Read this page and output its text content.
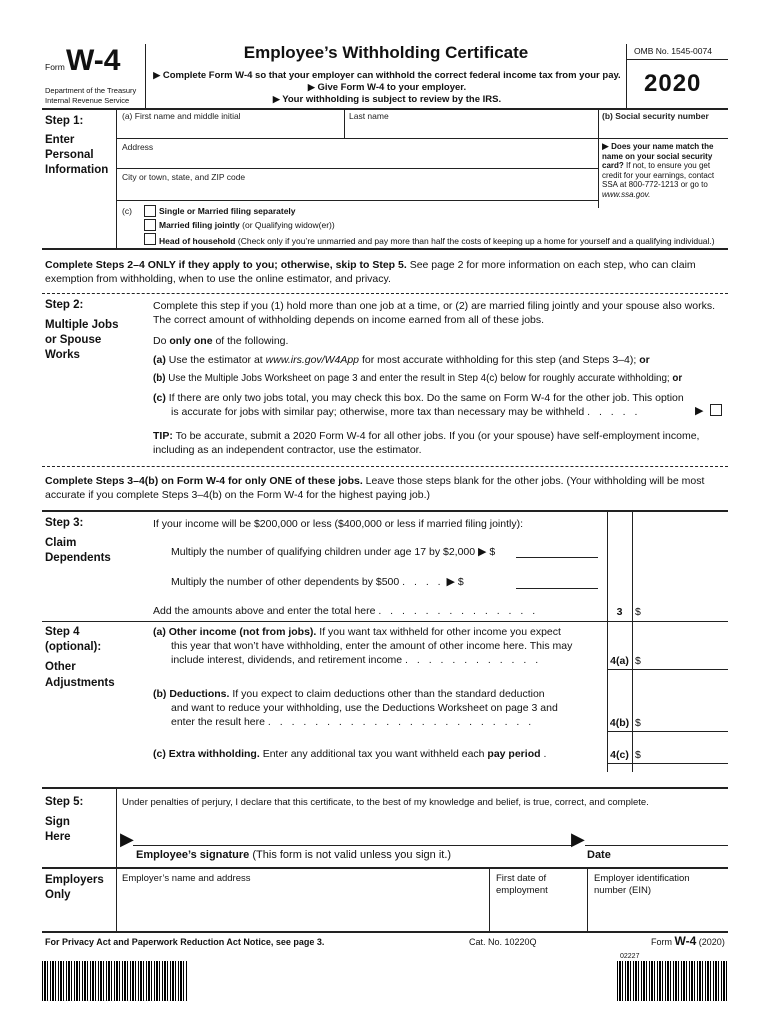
Form W-4
Department of the Treasury
Internal Revenue Service
Employee’s Withholding Certificate
▶ Complete Form W-4 so that your employer can withhold the correct federal income tax from your pay.
▶ Give Form W-4 to your employer.
▶ Your withholding is subject to review by the IRS.
OMB No. 1545-0074
2020
Step 1:
Enter
Personal
Information
(a) First name and middle initial	Last name	(b) Social security number
Address
City or town, state, and ZIP code
▶ Does your name match the name on your social security card? If not, to ensure you get credit for your earnings, contact SSA at 800-772-1213 or go to www.ssa.gov.
(c)	Single or Married filing separately
Married filing jointly (or Qualifying widow(er))
Head of household (Check only if you’re unmarried and pay more than half the costs of keeping up a home for yourself and a qualifying individual.)
Complete Steps 2–4 ONLY if they apply to you; otherwise, skip to Step 5. See page 2 for more information on each step, who can claim exemption from withholding, when to use the online estimator, and privacy.
Step 2:
Multiple Jobs
or Spouse
Works
Complete this step if you (1) hold more than one job at a time, or (2) are married filing jointly and your spouse also works. The correct amount of withholding depends on income earned from all of these jobs.
Do only one of the following.
(a) Use the estimator at www.irs.gov/W4App for most accurate withholding for this step (and Steps 3–4); or
(b) Use the Multiple Jobs Worksheet on page 3 and enter the result in Step 4(c) below for roughly accurate withholding; or
(c) If there are only two jobs total, you may check this box. Do the same on Form W-4 for the other job. This option
is accurate for jobs with similar pay; otherwise, more tax than necessary may be withheld . . . . .	▶
TIP: To be accurate, submit a 2020 Form W-4 for all other jobs. If you (or your spouse) have self-employment income, including as an independent contractor, use the estimator.
Complete Steps 3–4(b) on Form W-4 for only ONE of these jobs. Leave those steps blank for the other jobs. (Your withholding will be most accurate if you complete Steps 3–4(b) on the Form W-4 for the highest paying job.)
Step 3:
Claim
Dependents
If your income will be $200,000 or less ($400,000 or less if married filing jointly):
Multiply the number of qualifying children under age 17 by $2,000 ▶ $
Multiply the number of other dependents by $500 . . . . ▶ $
Add the amounts above and enter the total here . . . . . . . . . . . . . .	3	$
Step 4
(optional):
Other
Adjustments
(a) Other income (not from jobs). If you want tax withheld for other income you expect
this year that won’t have withholding, enter the amount of other income here. This may
include interest, dividends, and retirement income . . . . . . . . . . . .	4(a) $
(b) Deductions. If you expect to claim deductions other than the standard deduction
and want to reduce your withholding, use the Deductions Worksheet on page 3 and
enter the result here . . . . . . . . . . . . . . . . . . . . . . .	4(b) $
(c) Extra withholding. Enter any additional tax you want withheld each pay period .	4(c) $
Step 5:
Sign
Here
Under penalties of perjury, I declare that this certificate, to the best of my knowledge and belief, is true, correct, and complete.
▶
Employee’s signature (This form is not valid unless you sign it.)
▶
Date
Employers
Only
Employer’s name and address	First date of employment
Employer identification number (EIN)
For Privacy Act and Paperwork Reduction Act Notice, see page 3.	Cat. No. 10220Q	Form W-4 (2020)
02227
